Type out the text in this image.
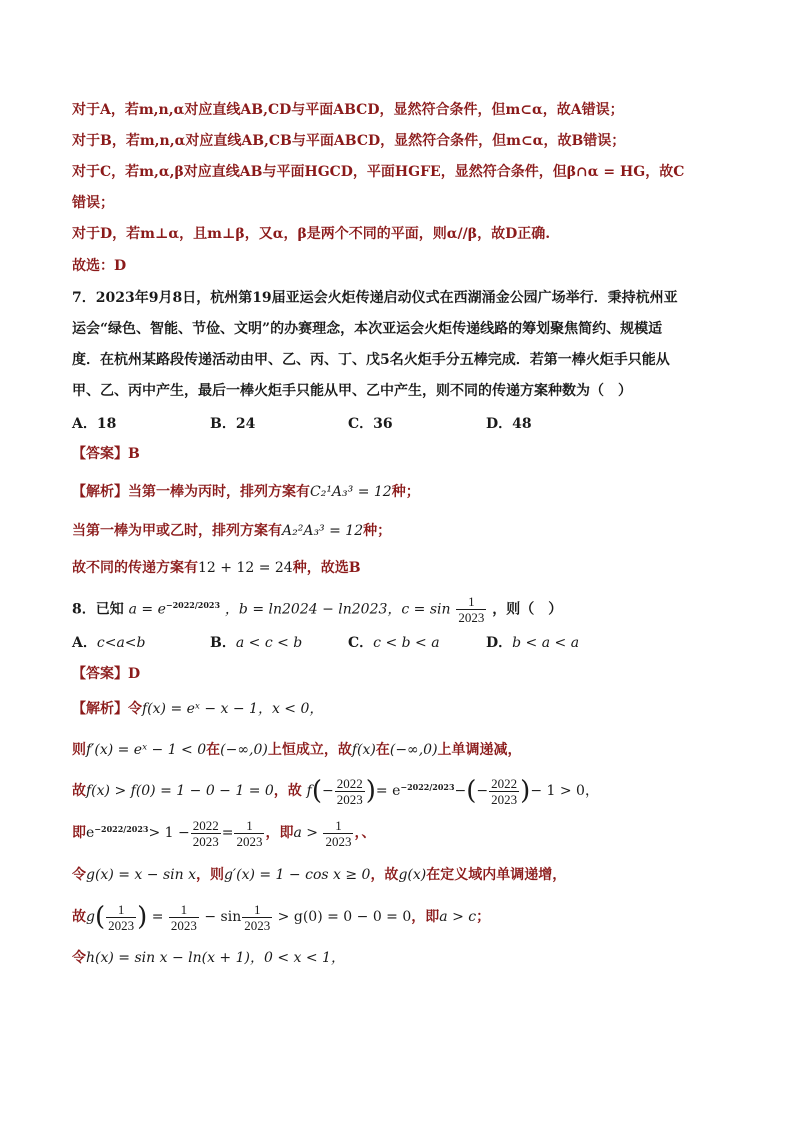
对于A，若m,n,α对应直线AB,CD与平面ABCD，显然符合条件，但m⊂α，故A错误；
对于B，若m,n,α对应直线AB,CB与平面ABCD，显然符合条件，但m⊂α，故B错误；
对于C，若m,α,β对应直线AB与平面HGCD，平面HGFE，显然符合条件，但β∩α = HG，故C
错误；
对于D，若m⊥α，且m⊥β，又α，β是两个不同的平面，则α//β，故D正确.
故选：D
7．2023年9月8日，杭州第19届亚运会火炬传递启动仪式在西湖涌金公园广场举行．秉持杭州亚
运会“绿色、智能、节俭、文明”的办赛理念，本次亚运会火炬传递线路的筹划聚焦简约、规模适
度．在杭州某路段传递活动由甲、乙、丙、丁、戊5名火炬手分五棒完成．若第一棒火炬手只能从
甲、乙、丙中产生，最后一棒火炬手只能从甲、乙中产生，则不同的传递方案种数为（　）
A．18	B．24	C．36	D．48
【答案】B
【解析】当第一棒为丙时，排列方案有C₂¹A₃³ = 12种；
当第一棒为甲或乙时，排列方案有A₂²A₃³ = 12种；
故不同的传递方案有12 + 12 = 24种，故选B
8．已知 $a = e^{-2022/2023}$ ，b = ln2024 − ln2023，$c = \sin \frac{1}{2023}$ ，则（　）
A．c<a<b	B．a < c < b	C．c < b < a	D．b < a < a
【答案】D
【解析】令f(x) = eˣ − x − 1，x < 0，
则f′(x) = eˣ − 1 < 0在(−∞,0)上恒成立，故f(x)在(−∞,0)上单调递减，
故f(x) > f(0) = 1 − 0 − 1 = 0，故 $f(- \frac{2022}{2023}$ )= $e^{-2022/2023}-(- \frac{2022}{2023}$ )− 1 > 0，
即$e^{-2022/2023}> 1 - \frac{2022}{2023} = \frac{1}{2023}$ ，即$a > \frac{1}{2023}$ ，、
令g(x) = x − sin x，则g′(x) = 1 − cos x ≥ 0，故g(x)在定义域内单调递增，
故$g( \frac{1}{2023}$ ) = $\frac{1}{2023} - \sin \frac{1}{2023} > g(0) = 0 - 0 = 0$，即a > c；
令h(x) = sin x − ln(x + 1)，0 < x < 1，
